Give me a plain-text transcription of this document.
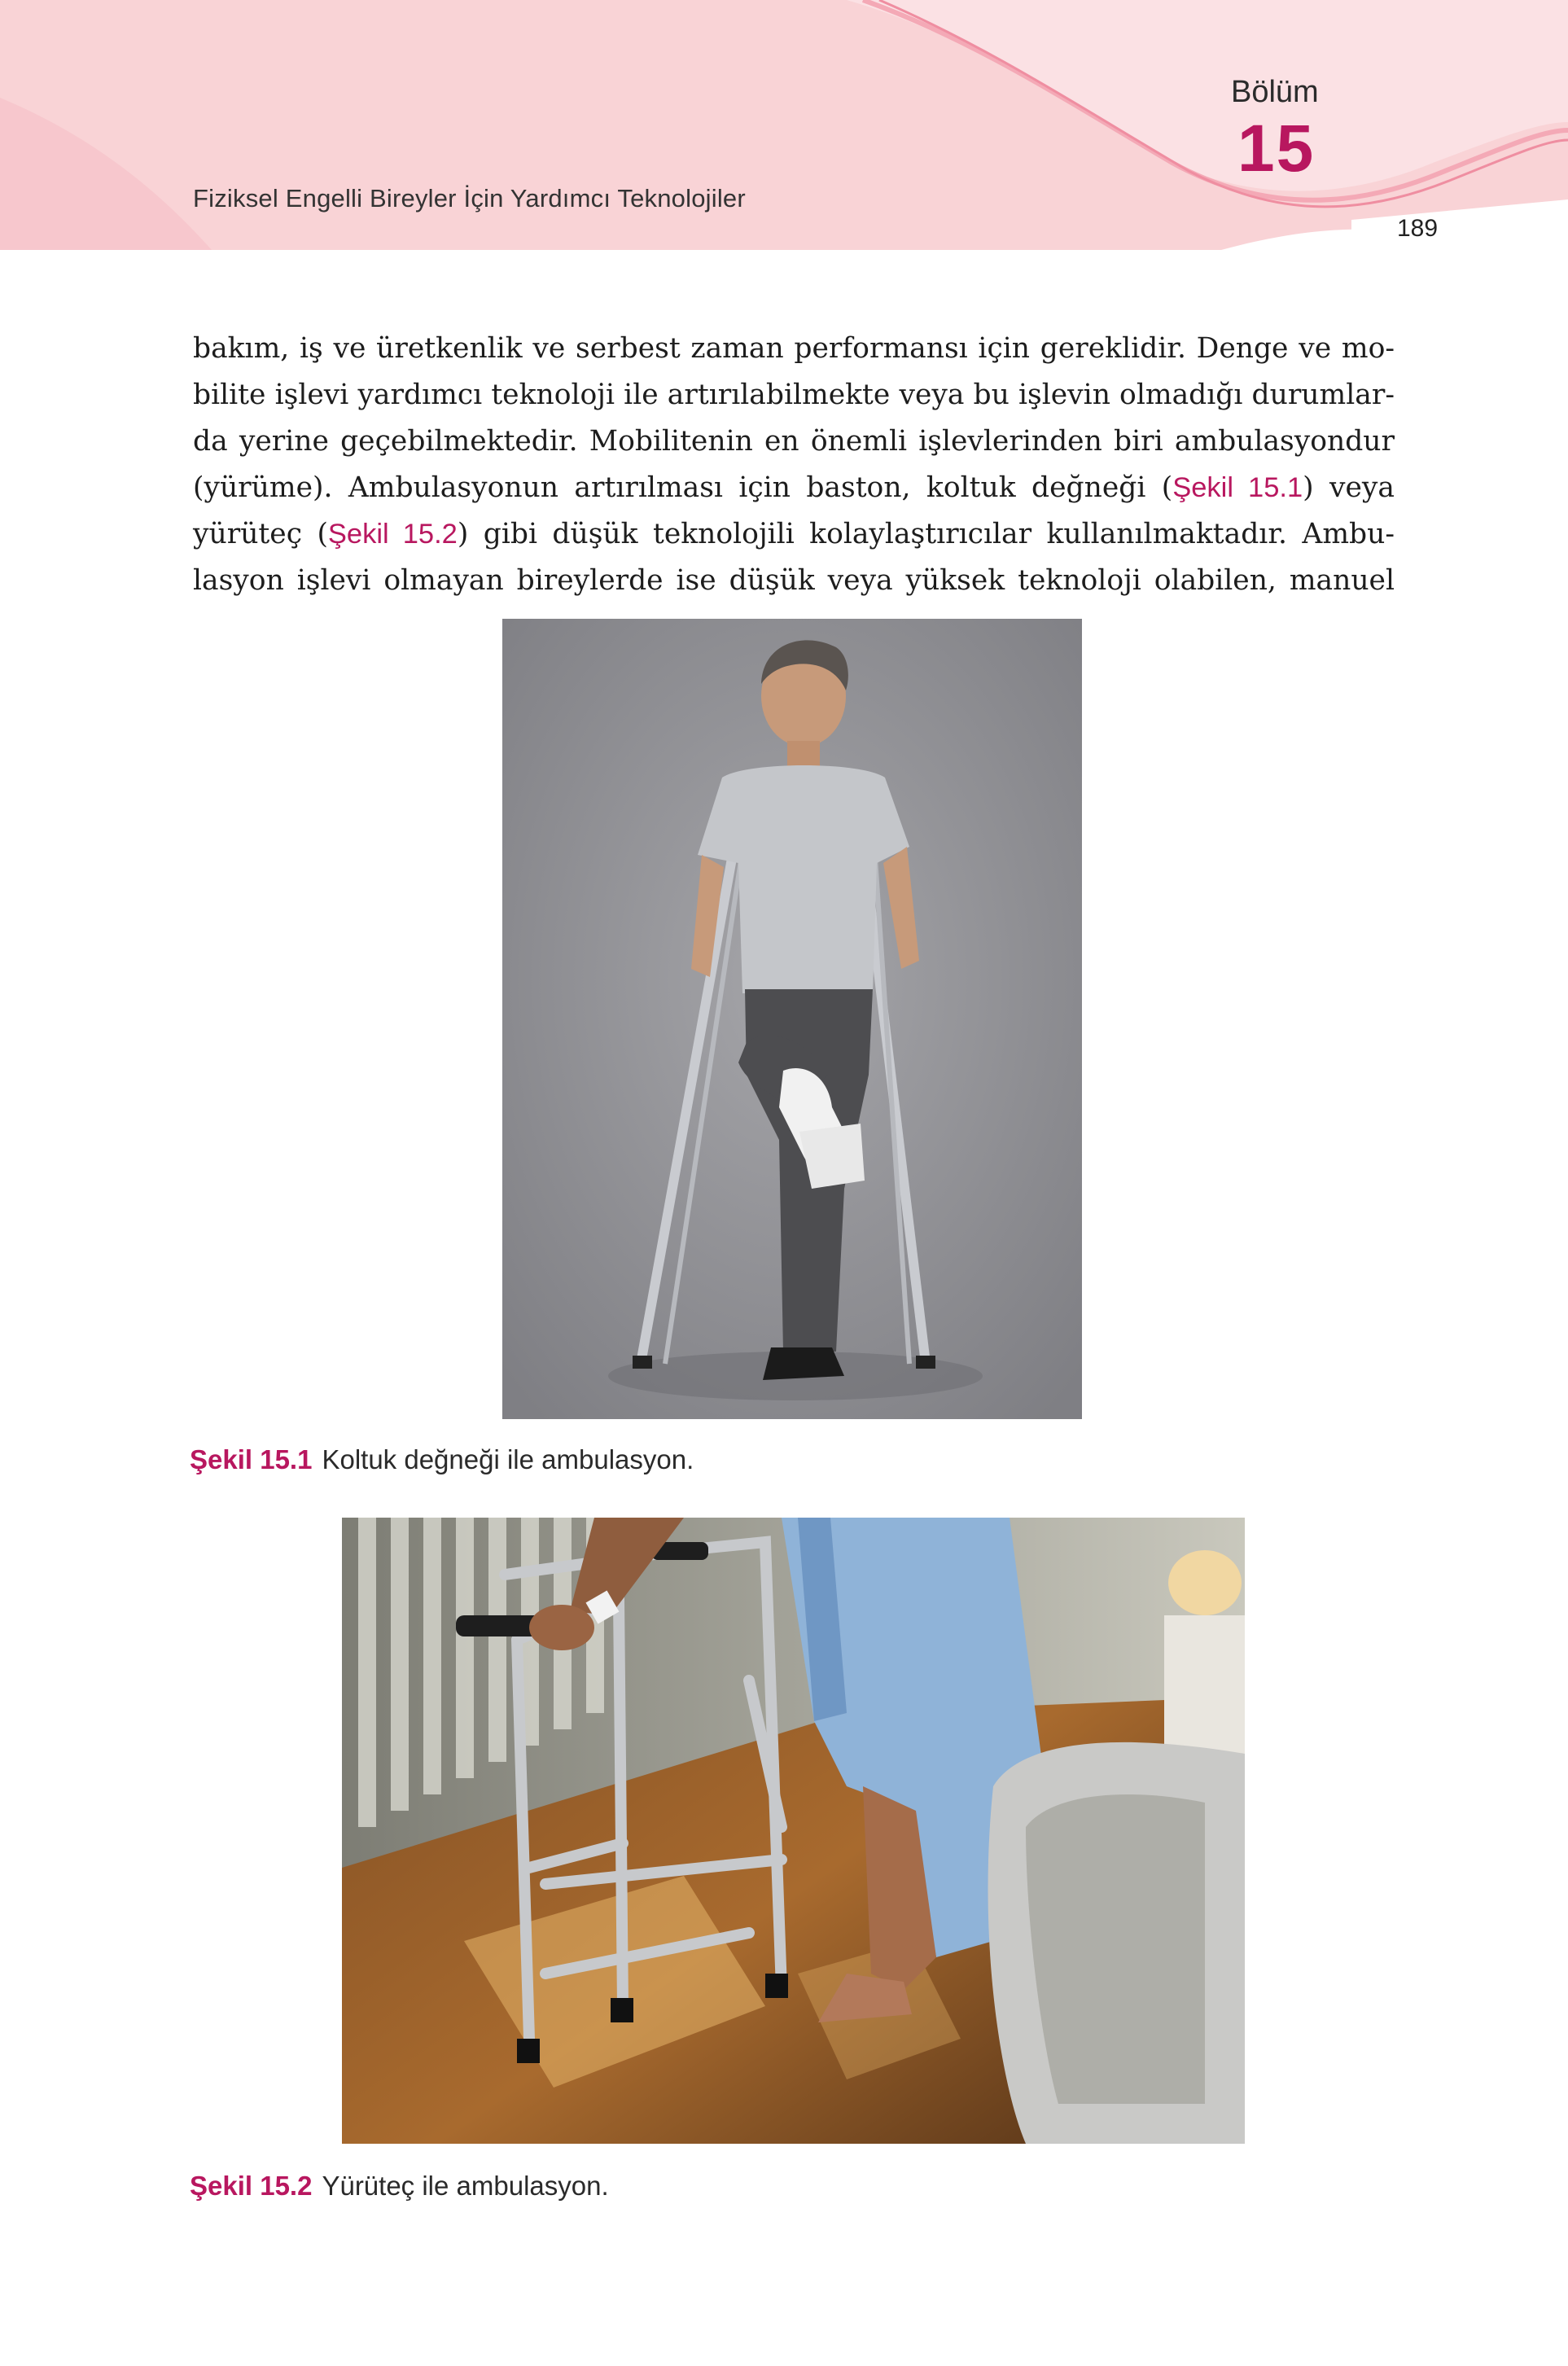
Fiziksel Engelli Bireyler İçin Yardımcı Teknolojiler
Bölüm
15
189
bakım, iş ve üretkenlik ve serbest zaman performansı için gereklidir. Denge ve mo-
bilite işlevi yardımcı teknoloji ile artırılabilmekte veya bu işlevin olmadığı durumlar-
da yerine geçebilmektedir. Mobilitenin en önemli işlevlerinden biri ambulasyondur
(yürüme). Ambulasyonun artırılması için baston, koltuk değneği (Şekil 15.1) veya
yürüteç (Şekil 15.2) gibi düşük teknolojili kolaylaştırıcılar kullanılmaktadır. Ambu-
lasyon işlevi olmayan bireylerde ise düşük veya yüksek teknoloji olabilen, manuel
Şekil 15.1 Koltuk değneği ile ambulasyon.
Şekil 15.2 Yürüteç ile ambulasyon.
